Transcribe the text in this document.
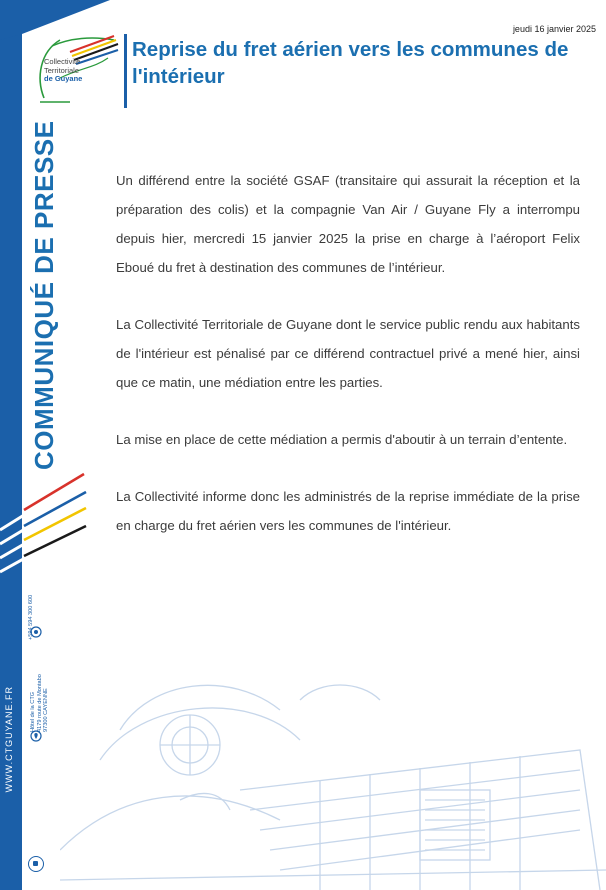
Collectivité
Territoriale
de Guyane
jeudi 16 janvier 2025
Reprise du fret aérien vers les communes de l'intérieur
COMMUNIQUÉ DE PRESSE
WWW.CTGUYANE.FR
+594 594 300 600
Hôtel de la CTG 4179 route de Montabo 97300 CAYENNE

Un différend entre la société GSAF (transitaire qui assurait la réception et la préparation des colis) et la compagnie Van Air / Guyane Fly a interrompu depuis hier, mercredi 15 janvier 2025 la prise en charge à l’aéroport Felix Eboué du fret à destination des communes de l’intérieur.

La Collectivité Territoriale de Guyane dont le service public rendu aux habitants de l'intérieur est pénalisé par ce différend contractuel privé a mené hier, ainsi que ce matin, une médiation entre les parties.

La mise en place de cette médiation a permis d'aboutir à un terrain d’entente.

La Collectivité informe donc les administrés de la reprise immédiate de la prise en charge du fret aérien vers les communes de l'intérieur.
